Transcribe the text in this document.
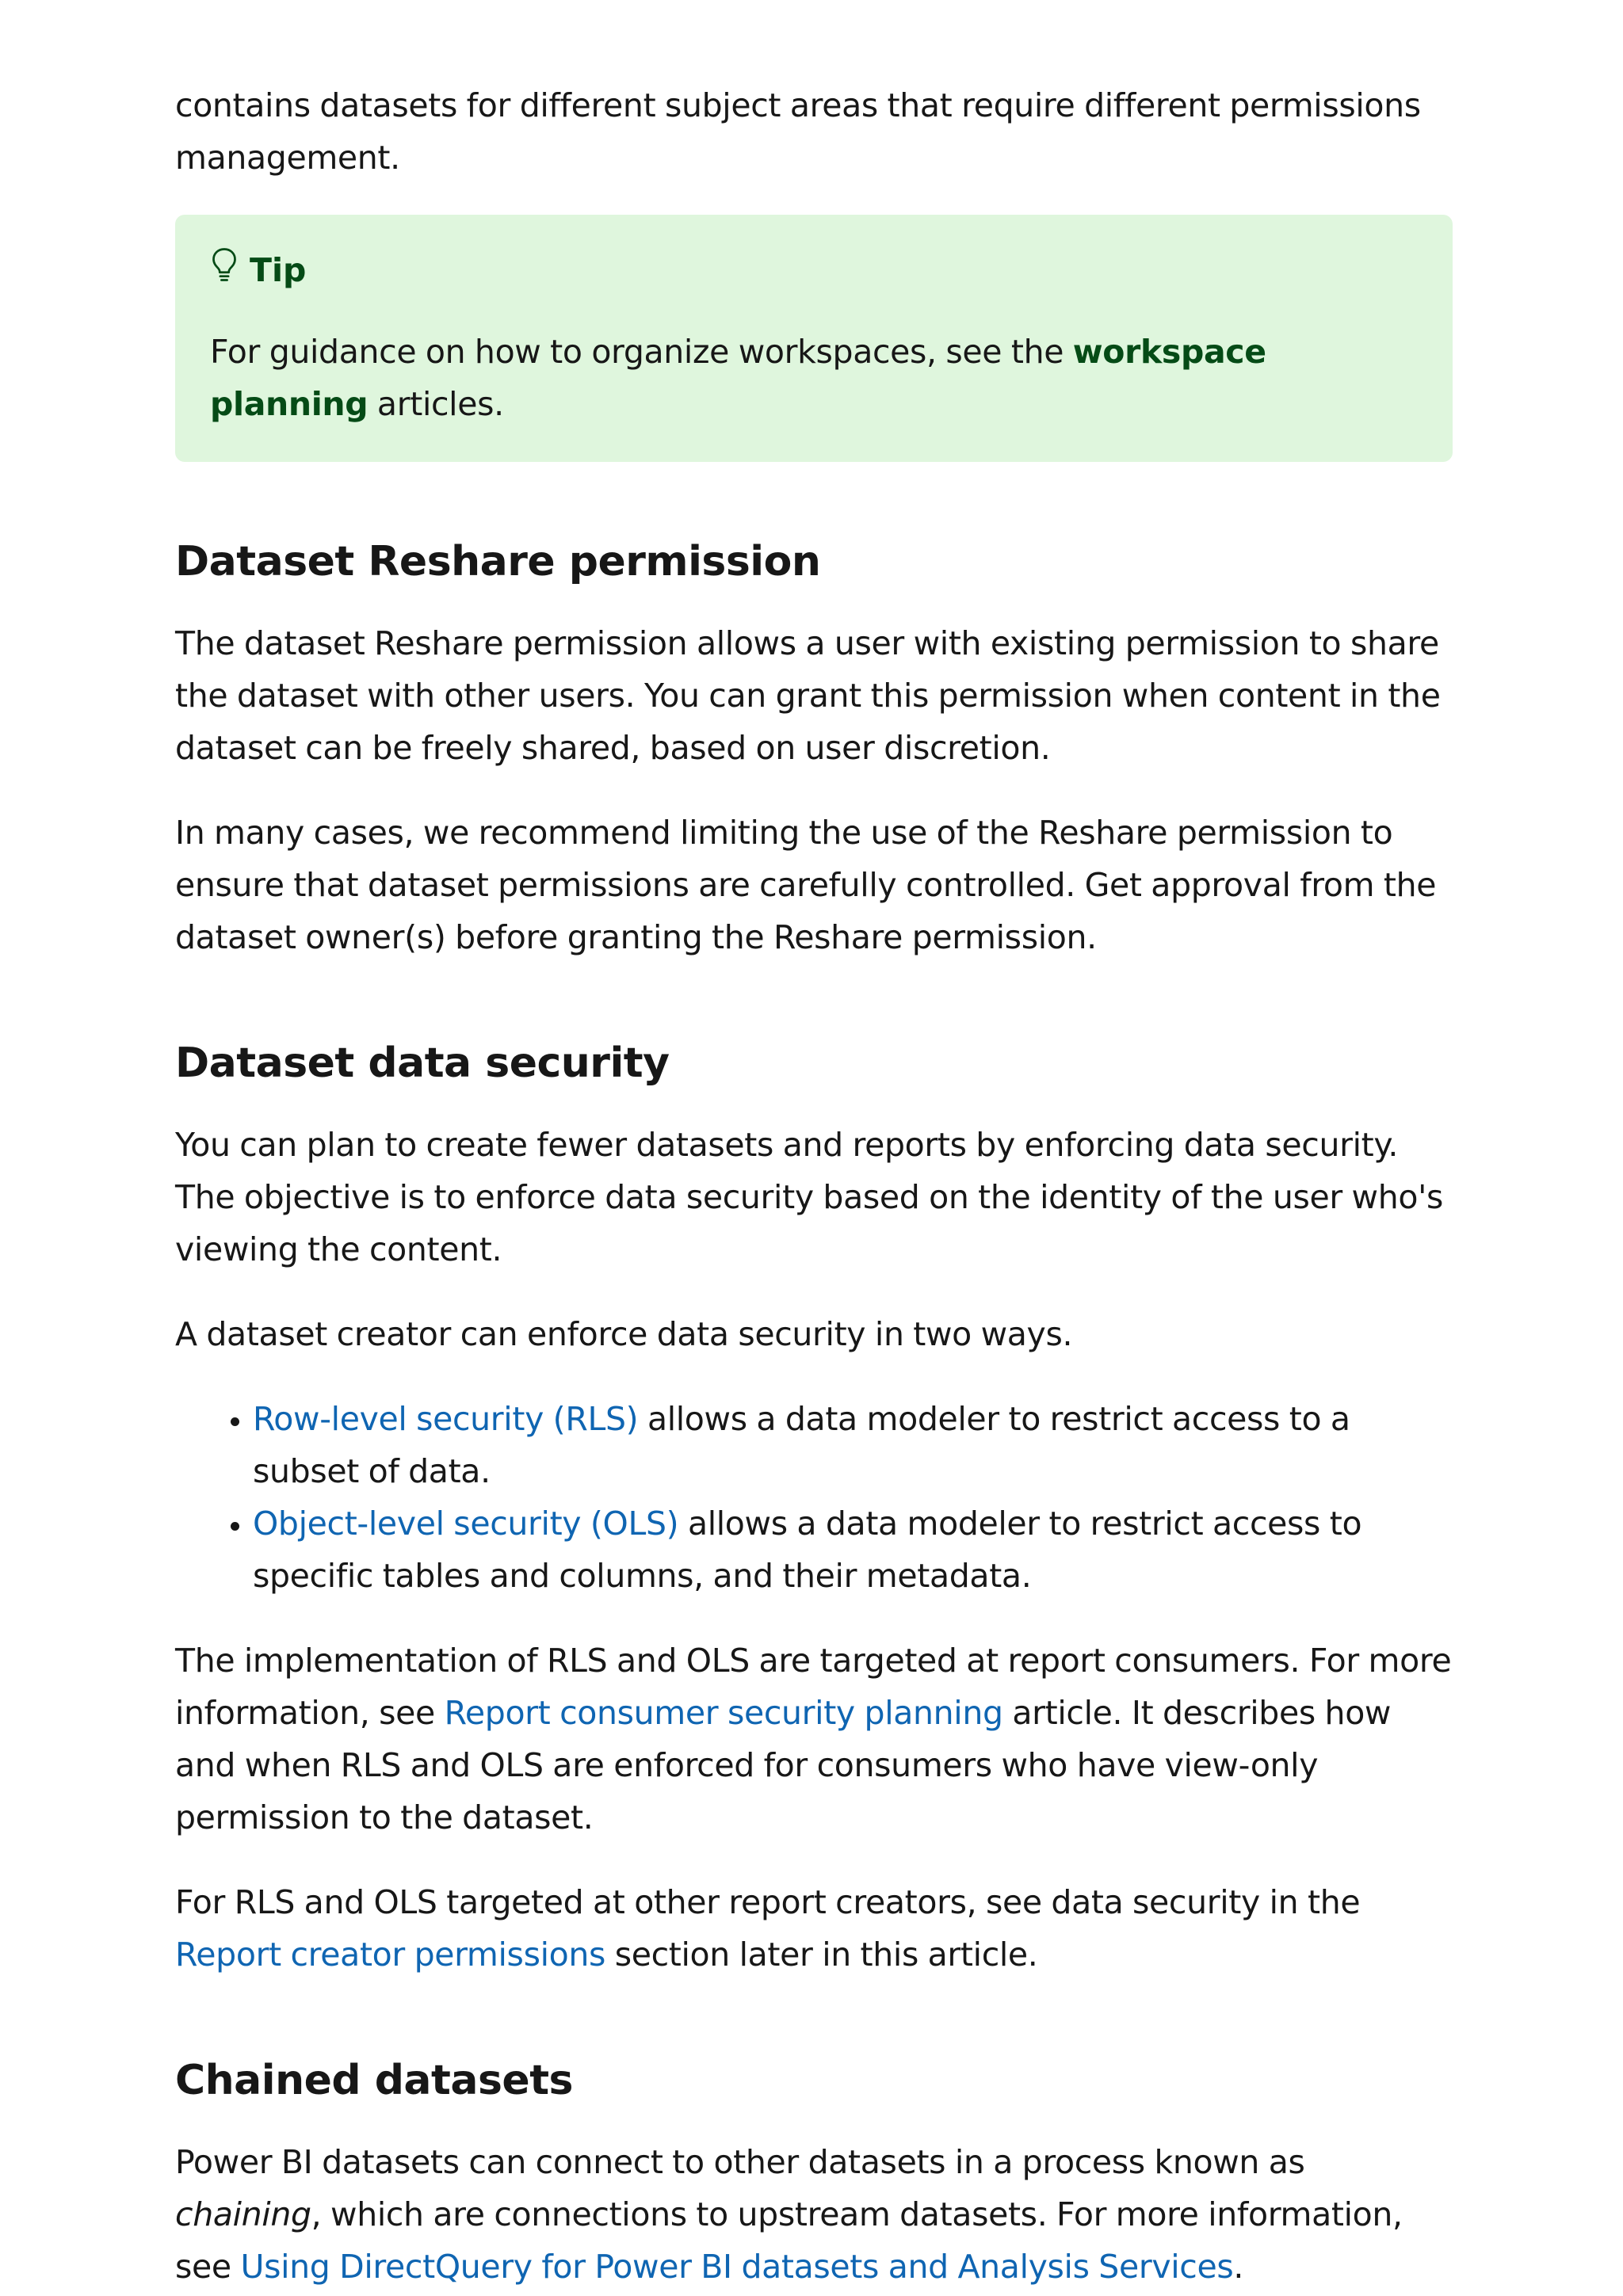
contains datasets for different subject areas that require different permissions management.

Tip

For guidance on how to organize workspaces, see the workspace planning articles.

Dataset Reshare permission

The dataset Reshare permission allows a user with existing permission to share the dataset with other users. You can grant this permission when content in the dataset can be freely shared, based on user discretion.

In many cases, we recommend limiting the use of the Reshare permission to ensure that dataset permissions are carefully controlled. Get approval from the dataset owner(s) before granting the Reshare permission.

Dataset data security

You can plan to create fewer datasets and reports by enforcing data security. The objective is to enforce data security based on the identity of the user who's viewing the content.

A dataset creator can enforce data security in two ways.

• Row-level security (RLS) allows a data modeler to restrict access to a subset of data.
• Object-level security (OLS) allows a data modeler to restrict access to specific tables and columns, and their metadata.

The implementation of RLS and OLS are targeted at report consumers. For more information, see Report consumer security planning article. It describes how and when RLS and OLS are enforced for consumers who have view-only permission to the dataset.

For RLS and OLS targeted at other report creators, see data security in the Report creator permissions section later in this article.

Chained datasets

Power BI datasets can connect to other datasets in a process known as chaining, which are connections to upstream datasets. For more information, see Using DirectQuery for Power BI datasets and Analysis Services.
